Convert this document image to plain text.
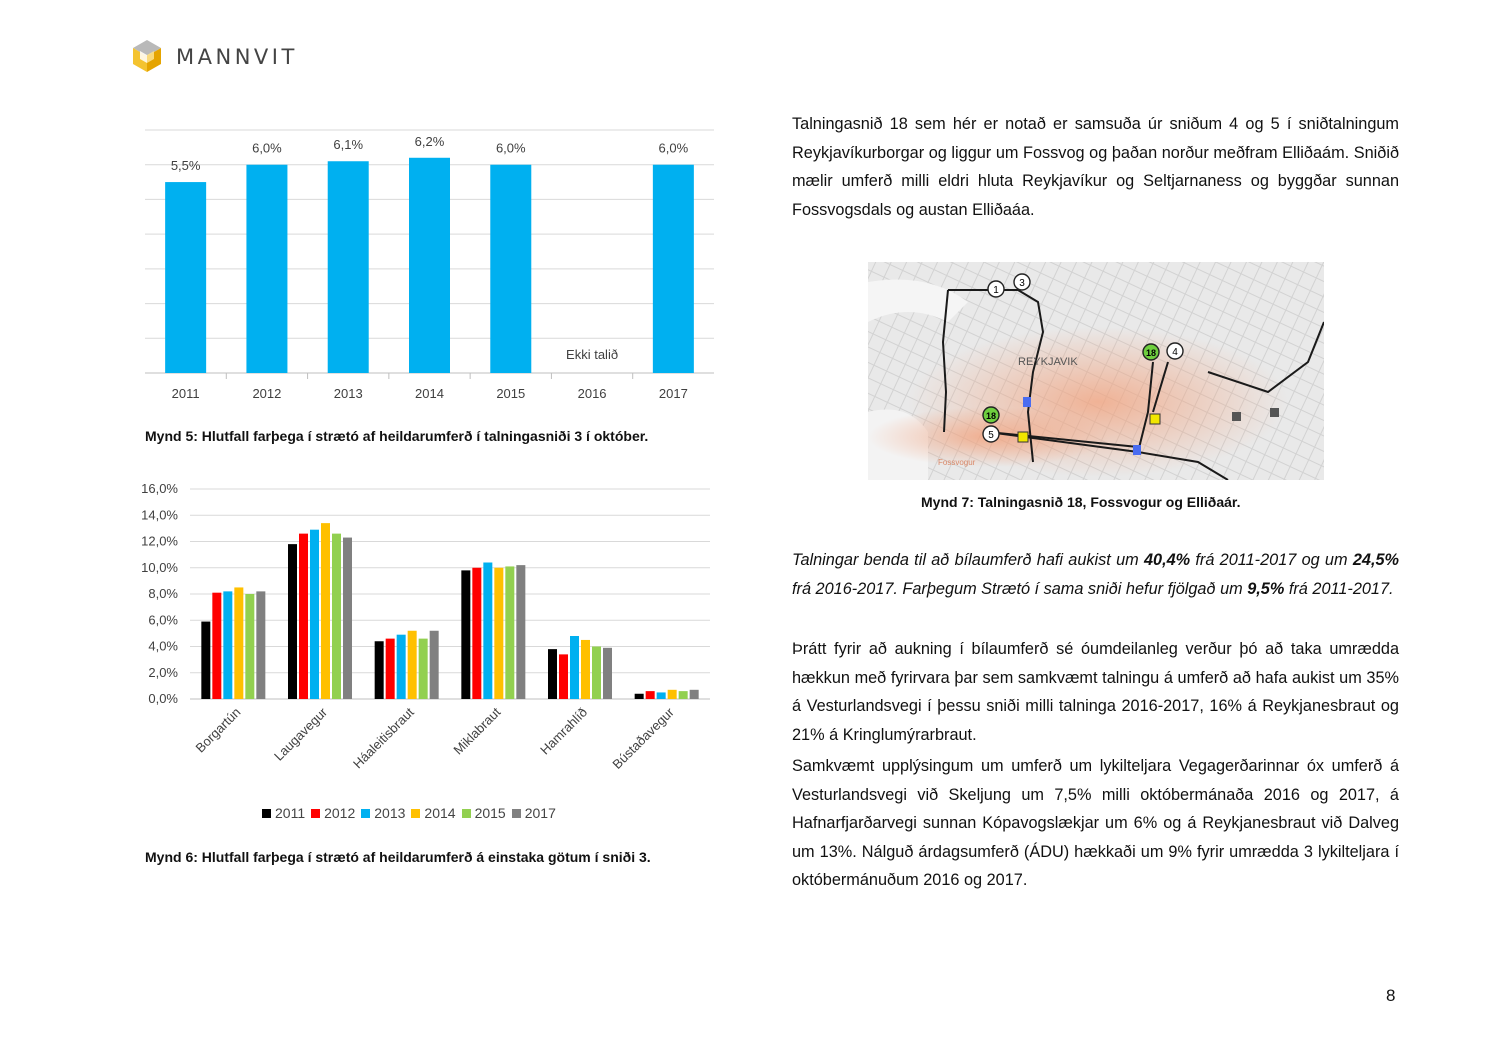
MANNVIT
5,5%
2011
6,0%
2012
6,1%
2013
6,2%
2014
6,0%
2015
Ekki talið
2016
6,0%
2017
Mynd 5: Hlutfall farþega í strætó af heildarumferð í talningasniði 3 í október.
0,0%
2,0%
4,0%
6,0%
8,0%
10,0%
12,0%
14,0%
16,0%
Borgartún Laugavegur Háaleitisbraut	Miklabraut	Hamrahlíð Bústaðavegur
2011 2012 2013 2014 2015 2017
Mynd 6: Hlutfall farþega í strætó af heildarumferð á einstaka götum í sniði 3.

Talningasnið 18 sem hér er notað er samsuða úr sniðum 4 og 5 í sniðtalningum Reykjavíkurborgar og liggur um Fossvog og þaðan norður meðfram Elliðaám. Sniðið mælir umferð milli eldri hluta Reykjavíkur og Seltjarnaness og byggðar sunnan Fossvogsdals og austan Elliðaáa.

1
3
18 4
18
5
REYKJAVIK
Fossvogur
Mynd 7: Talningasnið 18, Fossvogur og Elliðaár.

Talningar benda til að bílaumferð hafi aukist um 40,4% frá 2011-2017 og um 24,5% frá 2016-2017. Farþegum Strætó í sama sniði hefur fjölgað um 9,5% frá 2011-2017.

Þrátt fyrir að aukning í bílaumferð sé óumdeilanleg verður þó að taka umrædda hækkun með fyrirvara þar sem samkvæmt talningu á umferð að hafa aukist um 35% á Vesturlandsvegi í þessu sniði milli talninga 2016-2017, 16% á Reykjanesbraut og 21% á Kringlumýrarbraut.

Samkvæmt upplýsingum um umferð um lykilteljara Vegagerðarinnar óx umferð á Vesturlandsvegi við Skeljung um 7,5% milli októbermánaða 2016 og 2017, á Hafnarfjarðarvegi sunnan Kópavogslækjar um 6% og á Reykjanesbraut við Dalveg um 13%. Nálguð árdagsumferð (ÁDU) hækkaði um 9% fyrir umrædda 3 lykilteljara í októbermánuðum 2016 og 2017.

8
